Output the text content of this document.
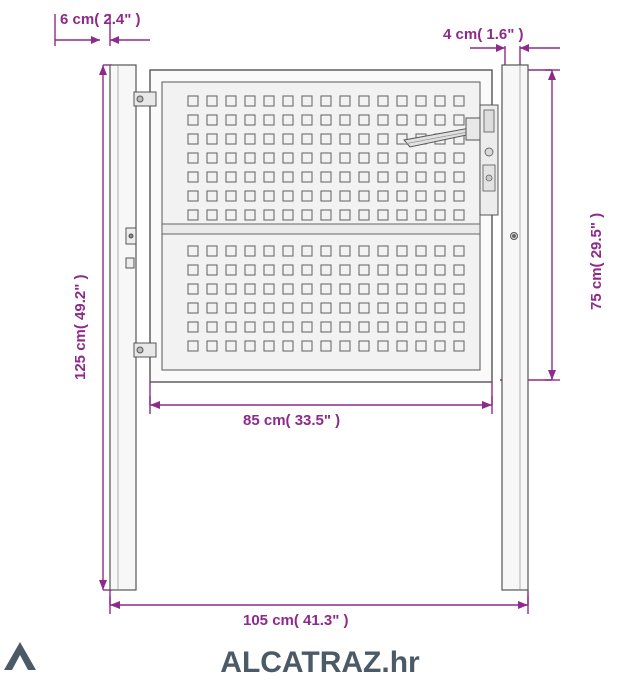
6 cm( 2.4" )
4 cm( 1.6" )
125 cm( 49.2" )
75 cm( 29.5" )
85 cm( 33.5" )
105 cm( 41.3" )
ALCATRAZ.hr
